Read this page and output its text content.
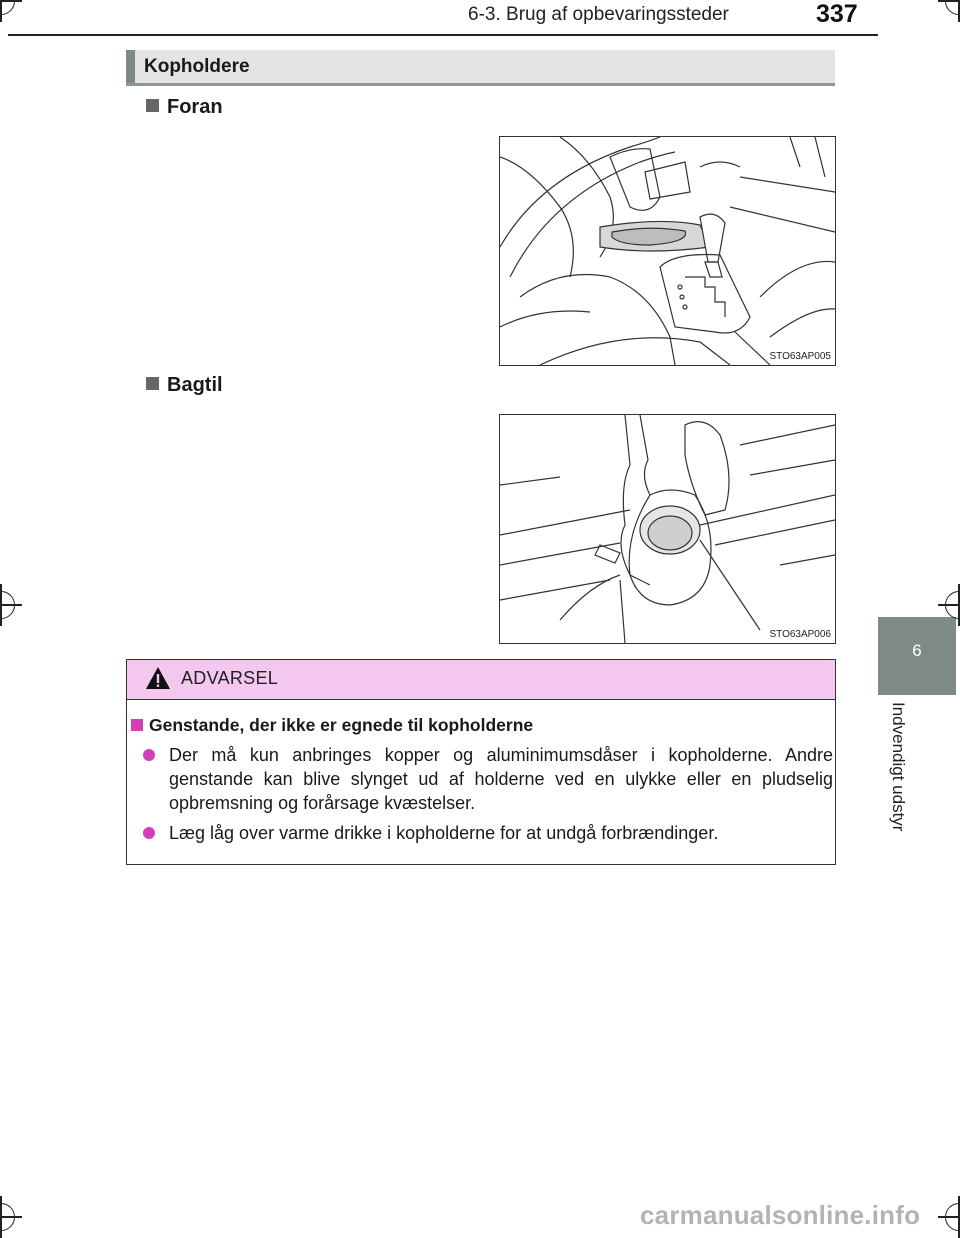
6-3. Brug af opbevaringssteder	337
6
Indvendigt udstyr
Kopholdere
Foran
STO63AP005
Bagtil
STO63AP006
ADVARSEL
Genstande, der ikke er egnede til kopholderne
Der må kun anbringes kopper og aluminimumsdåser i kopholderne. Andre genstande kan blive slynget ud af holderne ved en ulykke eller en pludselig opbremsning og forårsage kvæstelser.
Læg låg over varme drikke i kopholderne for at undgå forbrændinger.
carmanualsonline.info
